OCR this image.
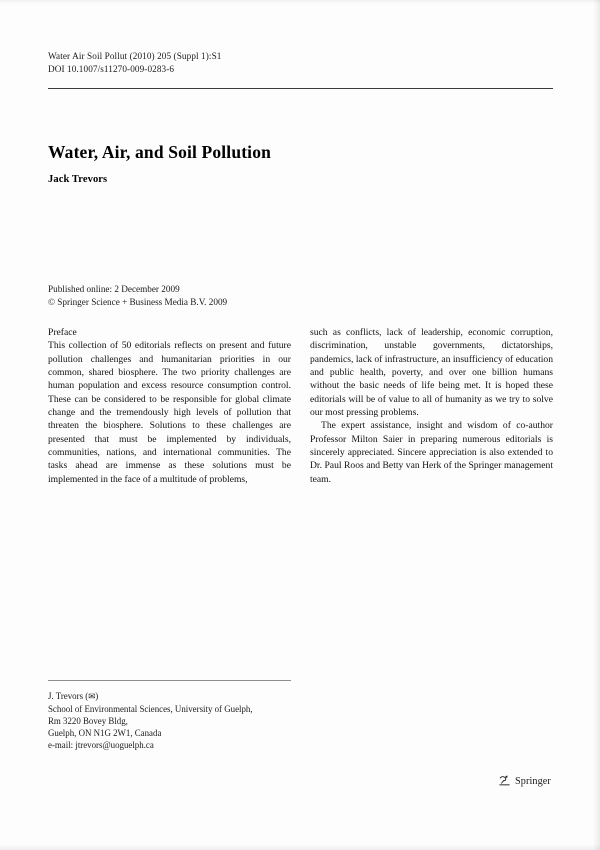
Water Air Soil Pollut (2010) 205 (Suppl 1):S1
DOI 10.1007/s11270-009-0283-6
Water, Air, and Soil Pollution
Jack Trevors
Published online: 2 December 2009
© Springer Science + Business Media B.V. 2009

Preface

This collection of 50 editorials reflects on present and future pollution challenges and humanitarian priorities in our common, shared biosphere. The two priority challenges are human population and excess resource consumption control. These can be considered to be responsible for global climate change and the tremendously high levels of pollution that threaten the biosphere. Solutions to these challenges are presented that must be implemented by individuals, communities, nations, and international communities. The tasks ahead are immense as these solutions must be implemented in the face of a multitude of problems,

such as conflicts, lack of leadership, economic corruption, discrimination, unstable governments, dictatorships, pandemics, lack of infrastructure, an insufficiency of education and public health, poverty, and over one billion humans without the basic needs of life being met. It is hoped these editorials will be of value to all of humanity as we try to solve our most pressing problems.

The expert assistance, insight and wisdom of co-author Professor Milton Saier in preparing numerous editorials is sincerely appreciated. Sincere appreciation is also extended to Dr. Paul Roos and Betty van Herk of the Springer management team.

J. Trevors (✉)
School of Environmental Sciences, University of Guelph,
Rm 3220 Bovey Bldg,
Guelph, ON N1G 2W1, Canada
e-mail: jtrevors@uoguelph.ca
Springer
